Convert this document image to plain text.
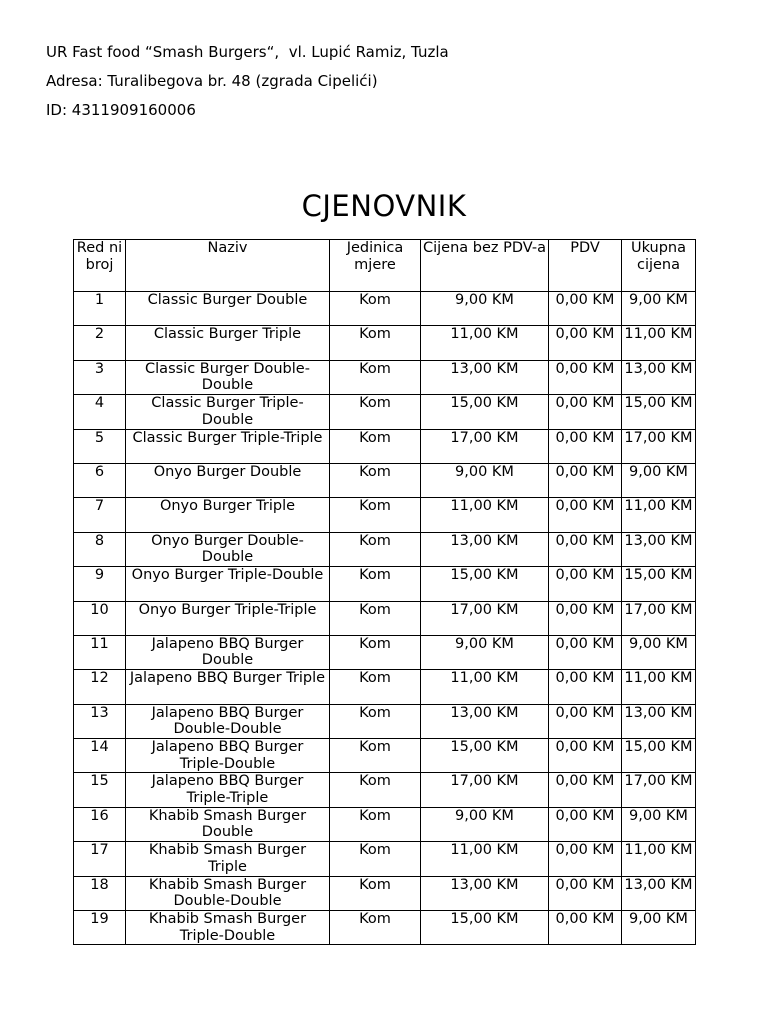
UR Fast food “Smash Burgers“,  vl. Lupić Ramiz, Tuzla
Adresa: Turalibegova br. 48 (zgrada Cipelići)
ID: 4311909160006
CJENOVNIK
Red ni broj	Naziv	Jedinica mjere	Cijena bez PDV-a	PDV	Ukupna cijena
1	Classic Burger Double	Kom	9,00 KM	0,00 KM	9,00 KM
2	Classic Burger Triple	Kom	11,00 KM	0,00 KM	11,00 KM
3	Classic Burger Double-Double	Kom	13,00 KM	0,00 KM	13,00 KM
4	Classic Burger Triple-Double	Kom	15,00 KM	0,00 KM	15,00 KM
5	Classic Burger Triple-Triple	Kom	17,00 KM	0,00 KM	17,00 KM
6	Onyo Burger Double	Kom	9,00 KM	0,00 KM	9,00 KM
7	Onyo Burger Triple	Kom	11,00 KM	0,00 KM	11,00 KM
8	Onyo Burger Double-Double	Kom	13,00 KM	0,00 KM	13,00 KM
9	Onyo Burger Triple-Double	Kom	15,00 KM	0,00 KM	15,00 KM
10	Onyo Burger Triple-Triple	Kom	17,00 KM	0,00 KM	17,00 KM
11	Jalapeno BBQ Burger Double	Kom	9,00 KM	0,00 KM	9,00 KM
12	Jalapeno BBQ Burger Triple	Kom	11,00 KM	0,00 KM	11,00 KM
13	Jalapeno BBQ Burger Double-Double	Kom	13,00 KM	0,00 KM	13,00 KM
14	Jalapeno BBQ Burger Triple-Double	Kom	15,00 KM	0,00 KM	15,00 KM
15	Jalapeno BBQ Burger Triple-Triple	Kom	17,00 KM	0,00 KM	17,00 KM
16	Khabib Smash Burger Double	Kom	9,00 KM	0,00 KM	9,00 KM
17	Khabib Smash Burger Triple	Kom	11,00 KM	0,00 KM	11,00 KM
18	Khabib Smash Burger Double-Double	Kom	13,00 KM	0,00 KM	13,00 KM
19	Khabib Smash Burger Triple-Double	Kom	15,00 KM	0,00 KM	9,00 KM
